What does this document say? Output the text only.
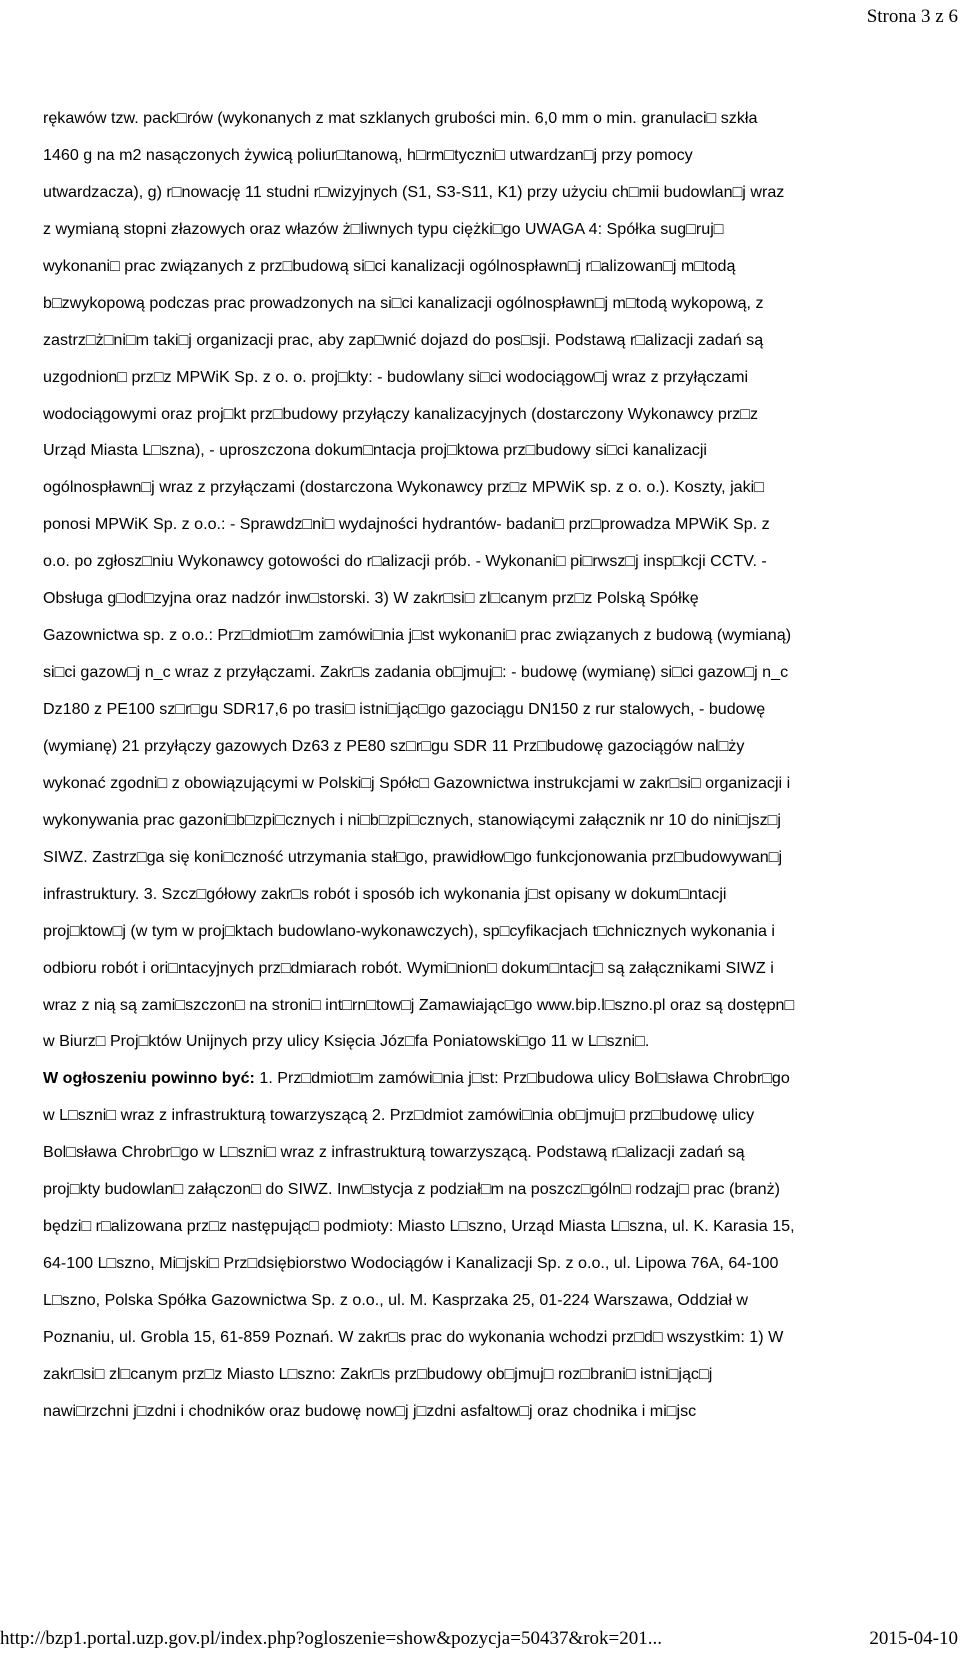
Strona 3 z 6
rękawów tzw. pack□rów (wykonanych z mat szklanych grubości min. 6,0 mm o min. granulaci□ szkła
1460 g na m2 nasączonych żywicą poliur□tanową, h□rm□tyczni□ utwardzan□j przy pomocy
utwardzacza), g) r□nowację 11 studni r□wizyjnych (S1, S3-S11, K1) przy użyciu ch□mii budowlan□j wraz
z wymianą stopni złazowych oraz włazów ż□liwnych typu ciężki□go UWAGA 4: Spółka sug□ruj□
wykonani□ prac związanych z prz□budową si□ci kanalizacji ogólnospławn□j r□alizowan□j m□todą
b□zwykopową podczas prac prowadzonych na si□ci kanalizacji ogólnospławn□j m□todą wykopową, z
zastrz□ż□ni□m taki□j organizacji prac, aby zap□wnić dojazd do pos□sji. Podstawą r□alizacji zadań są
uzgodnion□ prz□z MPWiK Sp. z o. o. proj□kty: - budowlany si□ci wodociągow□j wraz z przyłączami
wodociągowymi oraz proj□kt prz□budowy przyłączy kanalizacyjnych (dostarczony Wykonawcy prz□z
Urząd Miasta L□szna), - uproszczona dokum□ntacja proj□ktowa prz□budowy si□ci kanalizacji
ogólnospławn□j wraz z przyłączami (dostarczona Wykonawcy prz□z MPWiK sp. z o. o.). Koszty, jaki□
ponosi MPWiK Sp. z o.o.: - Sprawdz□ni□ wydajności hydrantów- badani□ prz□prowadza MPWiK Sp. z
o.o. po zgłosz□niu Wykonawcy gotowości do r□alizacji prób. - Wykonani□ pi□rwsz□j insp□kcji CCTV. -
Obsługa g□od□zyjna oraz nadzór inw□storski. 3) W zakr□si□ zl□canym prz□z Polską Spółkę
Gazownictwa sp. z o.o.: Prz□dmiot□m zamówi□nia j□st wykonani□ prac związanych z budową (wymianą)
si□ci gazow□j n_c wraz z przyłączami. Zakr□s zadania ob□jmuj□: - budowę (wymianę) si□ci gazow□j n_c
Dz180 z PE100 sz□r□gu SDR17,6 po trasi□ istni□jąc□go gazociągu DN150 z rur stalowych, - budowę
(wymianę) 21 przyłączy gazowych Dz63 z PE80 sz□r□gu SDR 11 Prz□budowę gazociągów nal□ży
wykonać zgodni□ z obowiązującymi w Polski□j Spółc□ Gazownictwa instrukcjami w zakr□si□ organizacji i
wykonywania prac gazoni□b□zpi□cznych i ni□b□zpi□cznych, stanowiącymi załącznik nr 10 do nini□jsz□j
SIWZ. Zastrz□ga się koni□czność utrzymania stał□go, prawidłow□go funkcjonowania prz□budowywan□j
infrastruktury. 3. Szcz□gółowy zakr□s robót i sposób ich wykonania j□st opisany w dokum□ntacji
proj□ktow□j (w tym w proj□ktach budowlano-wykonawczych), sp□cyfikacjach t□chnicznych wykonania i
odbioru robót i ori□ntacyjnych prz□dmiarach robót. Wymi□nion□ dokum□ntacj□ są załącznikami SIWZ i
wraz z nią są zami□szczon□ na stroni□ int□rn□tow□j Zamawiając□go www.bip.l□szno.pl oraz są dostępn□
w Biurz□ Proj□któw Unijnych przy ulicy Księcia Józ□fa Poniatowski□go 11 w L□szni□.
W ogłoszeniu powinno być: 1. Prz□dmiot□m zamówi□nia j□st: Prz□budowa ulicy Bol□sława Chrobr□go
w L□szni□ wraz z infrastrukturą towarzyszącą 2. Prz□dmiot zamówi□nia ob□jmuj□ prz□budowę ulicy
Bol□sława Chrobr□go w L□szni□ wraz z infrastrukturą towarzyszącą. Podstawą r□alizacji zadań są
proj□kty budowlan□ załączon□ do SIWZ. Inw□stycja z podział□m na poszcz□góln□ rodzaj□ prac (branż)
będzi□ r□alizowana prz□z następując□ podmioty: Miasto L□szno, Urząd Miasta L□szna, ul. K. Karasia 15,
64-100 L□szno, Mi□jski□ Prz□dsiębiorstwo Wodociągów i Kanalizacji Sp. z o.o., ul. Lipowa 76A, 64-100
L□szno, Polska Spółka Gazownictwa Sp. z o.o., ul. M. Kasprzaka 25, 01-224 Warszawa, Oddział w
Poznaniu, ul. Grobla 15, 61-859 Poznań. W zakr□s prac do wykonania wchodzi prz□d□ wszystkim: 1) W
zakr□si□ zl□canym prz□z Miasto L□szno: Zakr□s prz□budowy ob□jmuj□ roz□brani□ istni□jąc□j
nawi□rzchni j□zdni i chodników oraz budowę now□j j□zdni asfaltow□j oraz chodnika i mi□jsc
http://bzp1.portal.uzp.gov.pl/index.php?ogloszenie=show&pozycja=50437&rok=201...	2015-04-10
